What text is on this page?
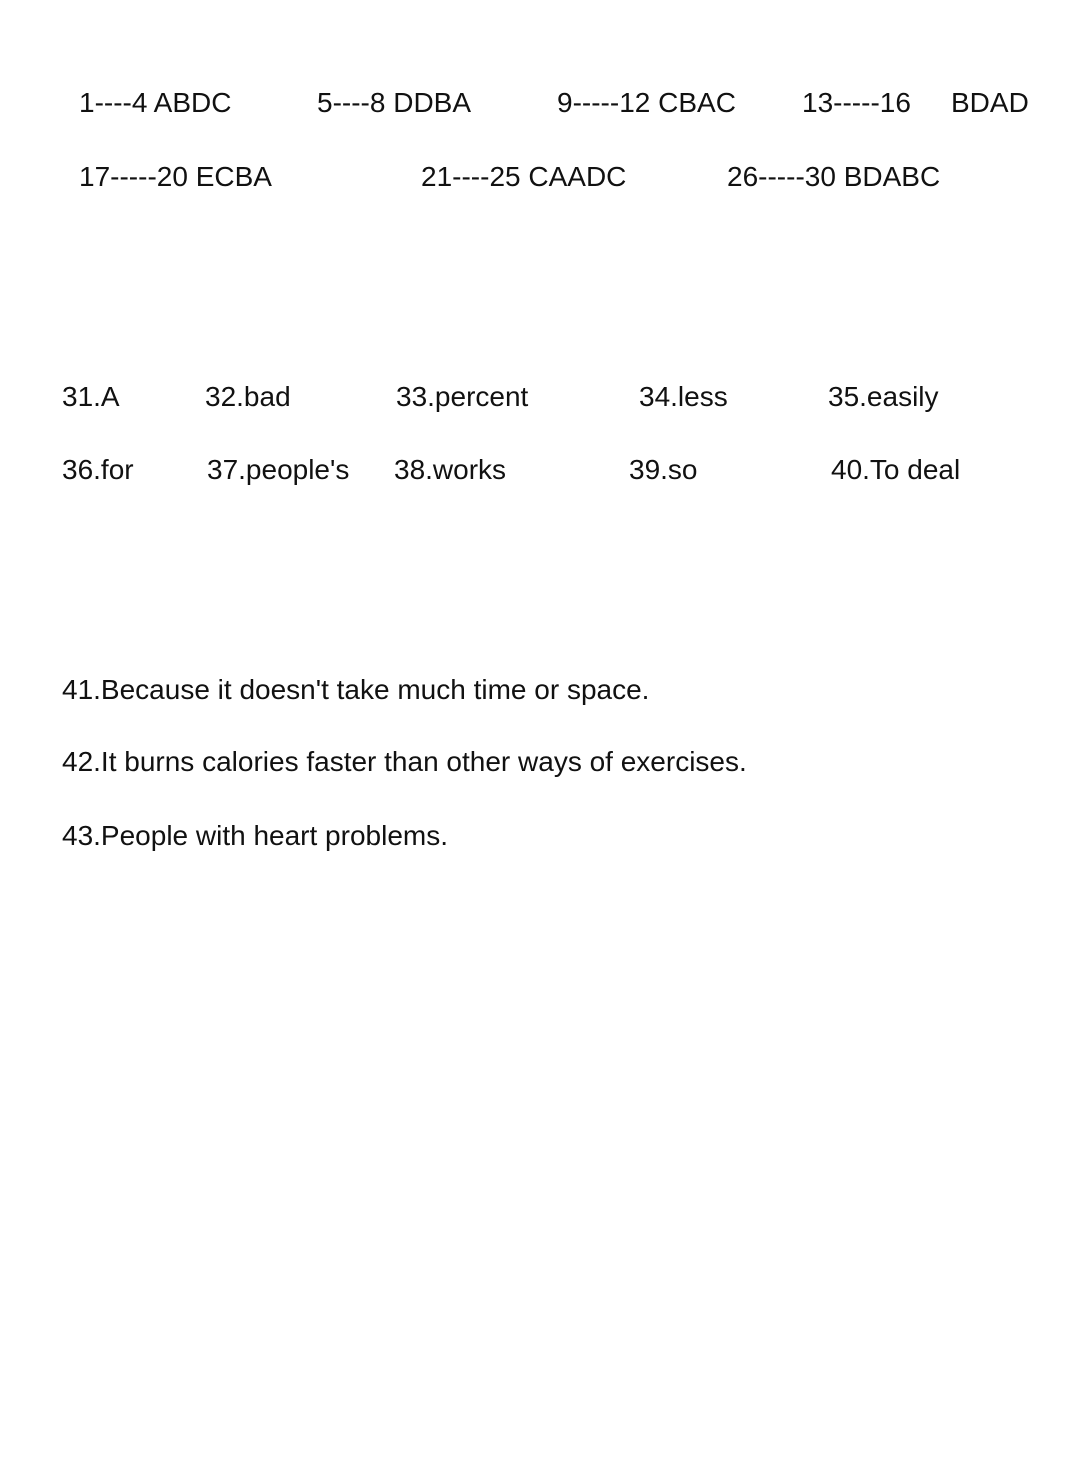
1----4 ABDC	5----8 DDBA	9-----12 CBAC 13-----16 BDAD
17-----20 ECBA	21----25 CAADC	26-----30 BDABC
31.A	32.bad	33.percent	34.less	35.easily
36.for	37.people's 38.works	39.so	40.To deal
41.Because it doesn't take much time or space.
42.It burns calories faster than other ways of exercises.
43.People with heart problems.
